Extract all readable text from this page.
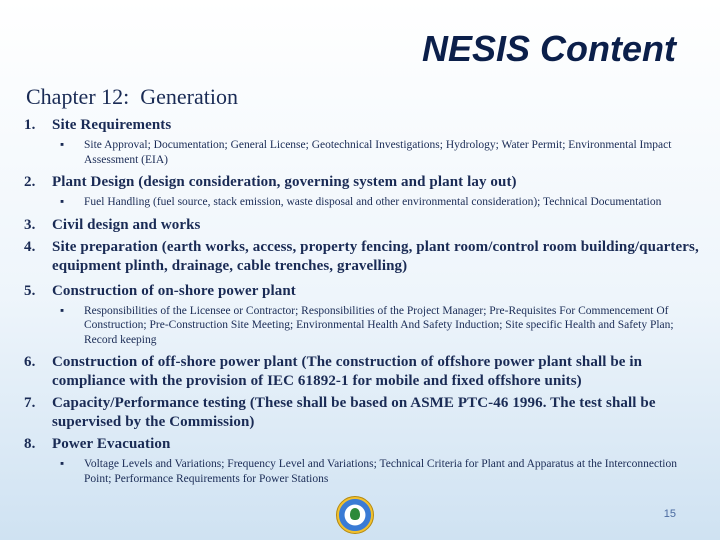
NESIS Content
Chapter 12:  Generation
1.	Site Requirements
▪	Site Approval; Documentation; General License; Geotechnical Investigations; Hydrology; Water Permit; Environmental Impact Assessment (EIA)
2.	Plant Design (design consideration, governing system and plant lay out)
▪	Fuel Handling (fuel source, stack emission, waste disposal and other environmental consideration); Technical Documentation
3.	Civil design and works
4.	Site preparation (earth works, access, property fencing, plant room/control room building/quarters, equipment plinth, drainage, cable trenches, gravelling)
5.	Construction of on-shore power plant
▪	Responsibilities of the Licensee or Contractor; Responsibilities of the Project Manager; Pre-Requisites For Commencement Of Construction; Pre-Construction Site Meeting; Environmental Health And Safety Induction; Site specific Health and Safety Plan; Record keeping
6.	Construction of off-shore power plant (The construction of offshore power plant shall be in compliance with the provision of IEC 61892-1 for mobile and fixed offshore units)
7.	Capacity/Performance testing (These shall be based on ASME PTC-46 1996. The test shall be supervised by the Commission)
8.	Power Evacuation
▪	Voltage Levels and Variations; Frequency Level and Variations; Technical Criteria for Plant and Apparatus at the Interconnection Point; Performance Requirements for Power Stations
15
